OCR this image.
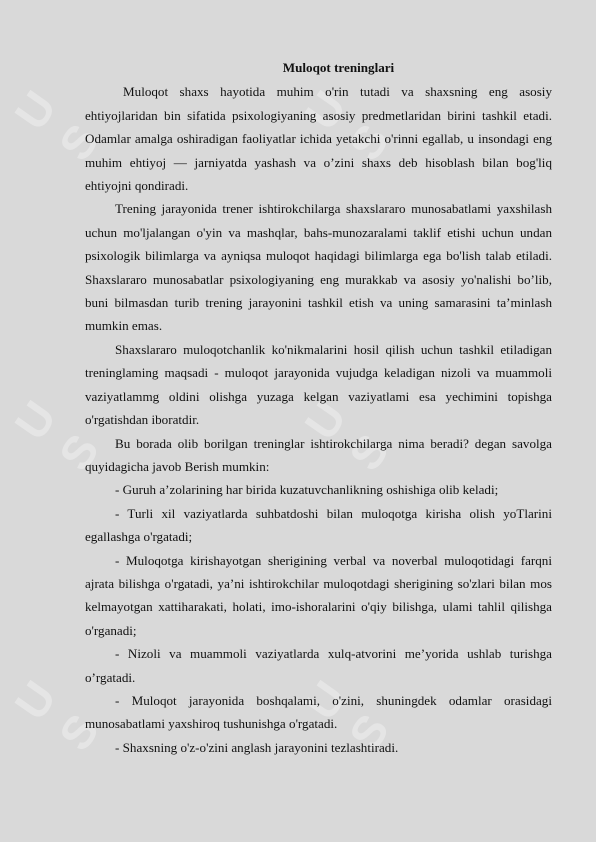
U
S
U
S
U
S
U
S
U
S
U
S
Muloqot treninglari

Muloqot shaxs hayotida muhim o'rin tutadi va shaxsning eng asosiy ehtiyojlaridan bin sifatida psixologiyaning asosiy predmetlaridan birini tashkil etadi. Odamlar amalga oshiradigan faoliyatlar ichida yetakchi o'rinni egallab, u insondagi eng muhim ehtiyoj — jarniyatda yashash va o’zini shaxs deb hisoblash bilan bog'liq ehtiyojni qondiradi.

Trening jarayonida trener ishtirokchilarga shaxslararo munosabatlami yaxshilash uchun mo'ljalangan o'yin va mashqlar, bahs-munozaralami taklif etishi uchun undan psixologik bilimlarga va ayniqsa muloqot haqidagi bilimlarga ega bo'lish talab etiladi. Shaxslararo munosabatlar psixologiyaning eng murakkab va asosiy yo'nalishi bo’lib, buni bilmasdan turib trening jarayonini tashkil etish va uning samarasini ta’minlash mumkin emas.

Shaxslararo muloqotchanlik ko'nikmalarini hosil qilish uchun tashkil etiladigan treninglaming maqsadi - muloqot jarayonida vujudga keladigan nizoli va muammoli vaziyatlammg oldini olishga yuzaga kelgan vaziyatlami esa yechimini topishga o'rgatishdan iboratdir.

Bu borada olib borilgan treninglar ishtirokchilarga nima beradi? degan savolga quyidagicha javob Berish mumkin:

- Guruh a’zolarining har birida kuzatuvchanlikning oshishiga olib keladi;

- Turli xil vaziyatlarda suhbatdoshi bilan muloqotga kirisha olish yoTlarini egallashga o'rgatadi;

- Muloqotga kirishayotgan sherigining verbal va noverbal muloqotidagi farqni ajrata bilishga o'rgatadi, ya’ni ishtirokchilar muloqotdagi sherigining so'zlari bilan mos kelmayotgan xattiharakati, holati, imo-ishoralarini o'qiy bilishga, ulami tahlil qilishga o'rganadi;

- Nizoli va muammoli vaziyatlarda xulq-atvorini me’yorida ushlab turishga o’rgatadi.

- Muloqot jarayonida boshqalami, o'zini, shuningdek odamlar orasidagi munosabatlami yaxshiroq tushunishga o'rgatadi.

- Shaxsning o'z-o'zini anglash jarayonini tezlashtiradi.
